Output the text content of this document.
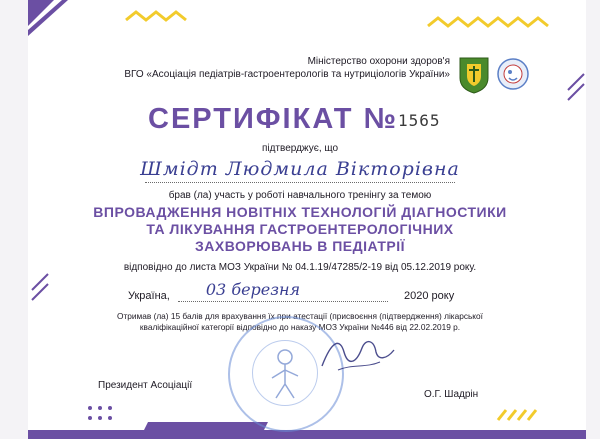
Міністерство охорони здоров'я
ВГО «Асоціація педіатрів-гастроентерологів та нутриціологів України»
СЕРТИФІКАТ № 1565
підтверджує, що
Шмідт Людмила Вікторівна
брав (ла) участь у роботі навчального тренінгу за темою
ВПРОВАДЖЕННЯ НОВІТНІХ ТЕХНОЛОГІЙ ДІАГНОСТИКИ
ТА ЛІКУВАННЯ ГАСТРОЕНТЕРОЛОГІЧНИХ
ЗАХВОРЮВАНЬ В ПЕДІАТРІЇ
відповідно до листа МОЗ України № 04.1.19/47285/2-19 від 05.12.2019 року.
Україна,	03 березня	2020 року
Отримав (ла) 15 балів для врахування їх при атестації (присвоєння (підтвердження) лікарської
кваліфікаційної категорії відповідно до наказу МОЗ України №446 від 22.02.2019 р.
Президент Асоціації
О.Г. Шадрін
